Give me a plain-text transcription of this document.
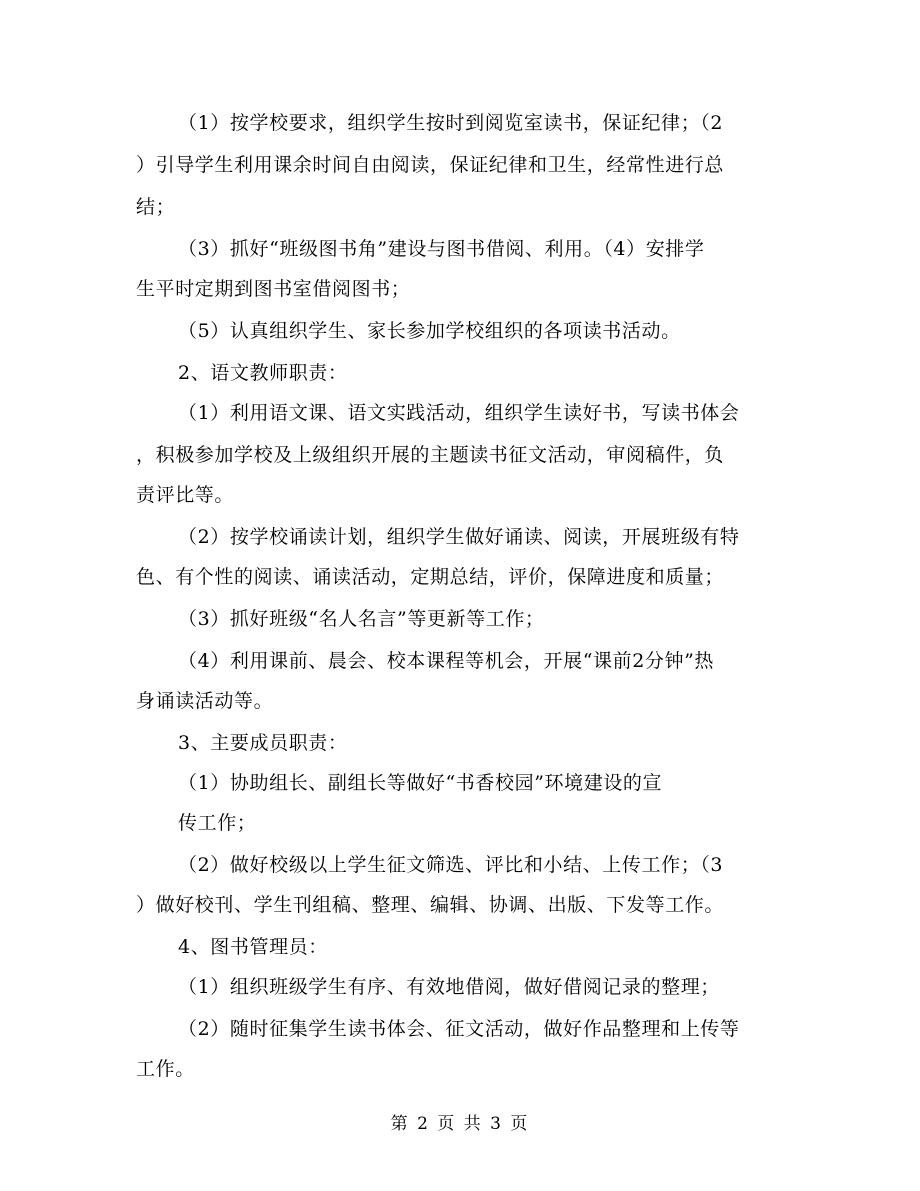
（1）按学校要求，组织学生按时到阅览室读书，保证纪律；（2
）引导学生利用课余时间自由阅读，保证纪律和卫生，经常性进行总
结；
（3）抓好“班级图书角”建设与图书借阅、利用。（4）安排学
生平时定期到图书室借阅图书；
（5）认真组织学生、家长参加学校组织的各项读书活动。
2、语文教师职责：
（1）利用语文课、语文实践活动，组织学生读好书，写读书体会
，积极参加学校及上级组织开展的主题读书征文活动，审阅稿件，负
责评比等。
（2）按学校诵读计划，组织学生做好诵读、阅读，开展班级有特
色、有个性的阅读、诵读活动，定期总结，评价，保障进度和质量；
（3）抓好班级“名人名言”等更新等工作；
（4）利用课前、晨会、校本课程等机会，开展“课前2分钟”热
身诵读活动等。
3、主要成员职责：
（1）协助组长、副组长等做好“书香校园”环境建设的宣
传工作；
（2）做好校级以上学生征文筛选、评比和小结、上传工作；（3
）做好校刊、学生刊组稿、整理、编辑、协调、出版、下发等工作。
4、图书管理员：
（1）组织班级学生有序、有效地借阅，做好借阅记录的整理；
（2）随时征集学生读书体会、征文活动，做好作品整理和上传等
工作。
第 2 页 共 3 页
